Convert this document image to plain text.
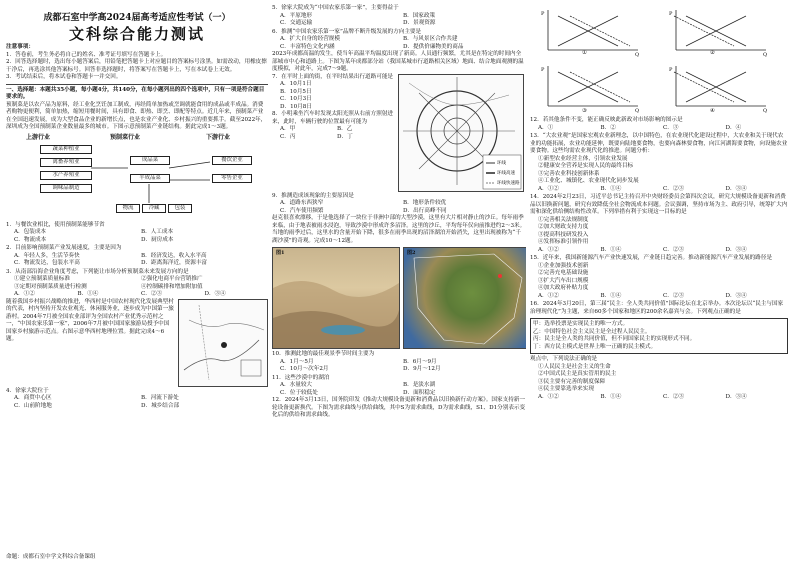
成都石室中学高2024届高考适应性考试（一）
文科综合能力测试
注意事项：

1．答卷前，考生务必将自己的姓名、准考证号填写在答题卡上。

2．回答选择题时，选出每小题答案后，用铅笔把答题卡上对应题目的答案标号涂黑。如需改动，用橡皮擦干净后，再选涂其他答案标号。回答非选择题时，将答案写在答题卡上，写在本试卷上无效。

3．考试结束后，将本试卷和答题卡一并交回。

一、选择题：本题共35小题，每小题4分，共140分，在每小题列出的四个选项中，只有一项是符合题目要求的。

预制菜是以农产品为原料，经工业化烹饪加工制成，再经简单加热或烹调就能食用的成品或半成品。消费者购物更便利，简单加热，缩短用餐时间，具有即食、即热、即烹、即配等特点。近几年来，预制菜产业在全国迅速发展，成为大型食品企业的新增长点，也是农业产业化、乡村振兴的重要抓手。截至2022年，深圳成为全国预制菜企业数量最多的城市。下图示意预制菜产业链结构。据此完成1～3题。

上游行业	预制菜行业	下游行业
蔬菜种植业
禽畜养殖业
水产养殖业
调味品制造
成品菜
半成品菜
餐饮企业
零售企业
物流	冷藏	包装

1．与餐饮业相比，使用预制菜能够节省

A．包装成本	B．人工成本
C．物流成本	D．厨房成本

2．目前影响预制菜产业发展速度，主要是因为

A．年轻人多，生活节奏快	B．经济发达，收入水平高
C．物流发达，包装水平高	D．距离海洋近，资源丰富

3．从南部沿海企业角度考虑，下列能让市场分析预制菜未来发展方向的是

①建立预制菜质量标准	②强化电商平台营销推广
③定期对预制菜质量进行检测	④控制碳排和增加附加值
A．①②	B．①④	C．②③	D．③④

随着我国乡村振兴战略的推进，华西村是中国农村现代化发展典型村的代表，村内坚持开发农业观光、休闲服务业，逐步成为中国第一旅游村。2004年7月被全国农业部评为全国农村产业优秀示范村之一，“中国农家乐第一家”，2006年7月被中国国家旅游局授予中国国家乡村旅游示范点。右图示意华西村地理位置。据此完成4～6题。

4．徐家大院位于

A．商贸中心区	B．河流下游处
C．山前阶地地	D．城乡结合部
命题：成都石室中学文科综合备课组

5．徐家大院成为“中国农家乐第一家”，主要得益于

A．平原地形	B．国家政策
C．交通运输	D．景观资源

6．推测“中国农家乐第一家”品牌不断升级发展的方向主要是

A．扩大自身的经营规模	B．与风景区合作共建
C．丰富特色文化内涵	D．提供价廉物美的商品

2023年成都高温的发生，使当年高温平均温度出现了新高。人员通行频繁，尤其是在特定的时间内全部城市中心和道路上。下图为某年成都部分站（我国某城市行道路相关区域）地面、结合地面观测的温度模拟，对此年，完成7～9题。

7．在平时上面的街，在平时结果出行道路可能是

A．10月1日
B．10月5日
C．10月3日
D．10月8日

8．小明乘坐汽车时发现太阳光照从右前方照射进来，此时，车辆行驶的位置最有可能为

A．甲	B．乙
C．丙	D．丁
环线
环线高速
环线快速路

9．推测造成该现象的主要原因是

A．道路东西狭窄	B．地形条件较优
C．汽车使用频繁	D．出行高峰不同

赵克很喜欢漂移，于是他选择了一块位于非洲中部的大型沙漠，这里有大片相对静止的沙丘。每年雨季来临，由于地表被雨水浸泡，导致沙漠中形成许多沼泽。这里的沙丘，平均每年仅向前推进约2～3米。当地的雨季过后，这里水的含量开始下降，很多在雨季出现的沼泽湖泊开始消失，这里出现被称为“千湖沙漠”的奇观。完成10～12题。

图1	图2

10．推测此地的最佳观景季节时间主要为

A．1月～5月	B．6月～9月
C．10月～次年2月	D．9月～12月

11．这些沙漠中的湖泊

A．水量较大	B．是淡水湖
C．位于较低处	D．面积稳定

12．2024年3月13日，国务院印发《推动大规模设备更新和消费品以旧换新行动方案》。国家支持新一轮设备更新换代。下图为需求曲线与供给曲线，其中S为需求曲线，D为需求曲线，S1、D1分别表示变化后的供给和需求曲线。

P
Q
P
Q
P
Q
P
Q
①	②
③	④

12．若其他条件不变，能正确反映此新政对市场影响的图示是

A．①	B．②	C．③	D．④

13．“大农业观”是国家宏观农业新理念，以中国特色，在农业现代化建设过程中，大农业和关于现代农业的功能拓展，农业功能延伸，既要向陆地要食物，也要向森林要食物，向江河湖海要食物，向设施农业要食物。这些均需农业现代化的推进。问题分析：

①新型农业经营主体，引领农业发展
②健康安全营养是实现人民的最终目标
③完善农业科技创新体系
④工业化、城镇化、农业现代化同步发展
A．①②	B．①④	C．②③	D．③④

14．2024年2月23日，习近平总书记主持召开中央财经委员会第四次会议，研究大规模设备更新和消费品以旧换新问题，研究有效降低全社会物流成本问题。会议强调，坚持市场为主、政府引导，统筹扩大内需和深化供给侧结构性改革。下列举措有利于实现这一目标的是

①完善相关法规制度
②加大财政支持力度
③提高科技研发投入
④发挥标准引领作用
A．①②	B．①④	C．②③	D．③④

15．近年来，我国新能源汽车产业快速发展，产业链日趋完善。推动新能源汽车产业发展的路径是

①企业加强技术创新
②完善充电基础设施
③扩大汽车出口规模
④加大政府补贴力度
A．①②	B．①④	C．②③	D．③④

16．2024年3月20日，第三届“民主：全人类共同价值”国际论坛在北京举办。本次论坛以“民主与国家治理现代化”为主题，来自60多个国家和地区的200余名嘉宾与会。下列观点正确的是

甲：选举投票是实现民主的唯一方式。
乙：中国特色社会主义民主是全过程人民民主。
丙：民主是全人类的共同价值，但不同国家民主的实现形式不同。
丁：西方民主模式是世界上唯一正确的民主模式。

观点中，下列说法正确的是

①人民民主是社会主义的生命
②中国式民主是真实管用的民主
③民主要有完善的制度保障
④民主要靠选举来实现
A．①②	B．①④	C．②③	D．③④
